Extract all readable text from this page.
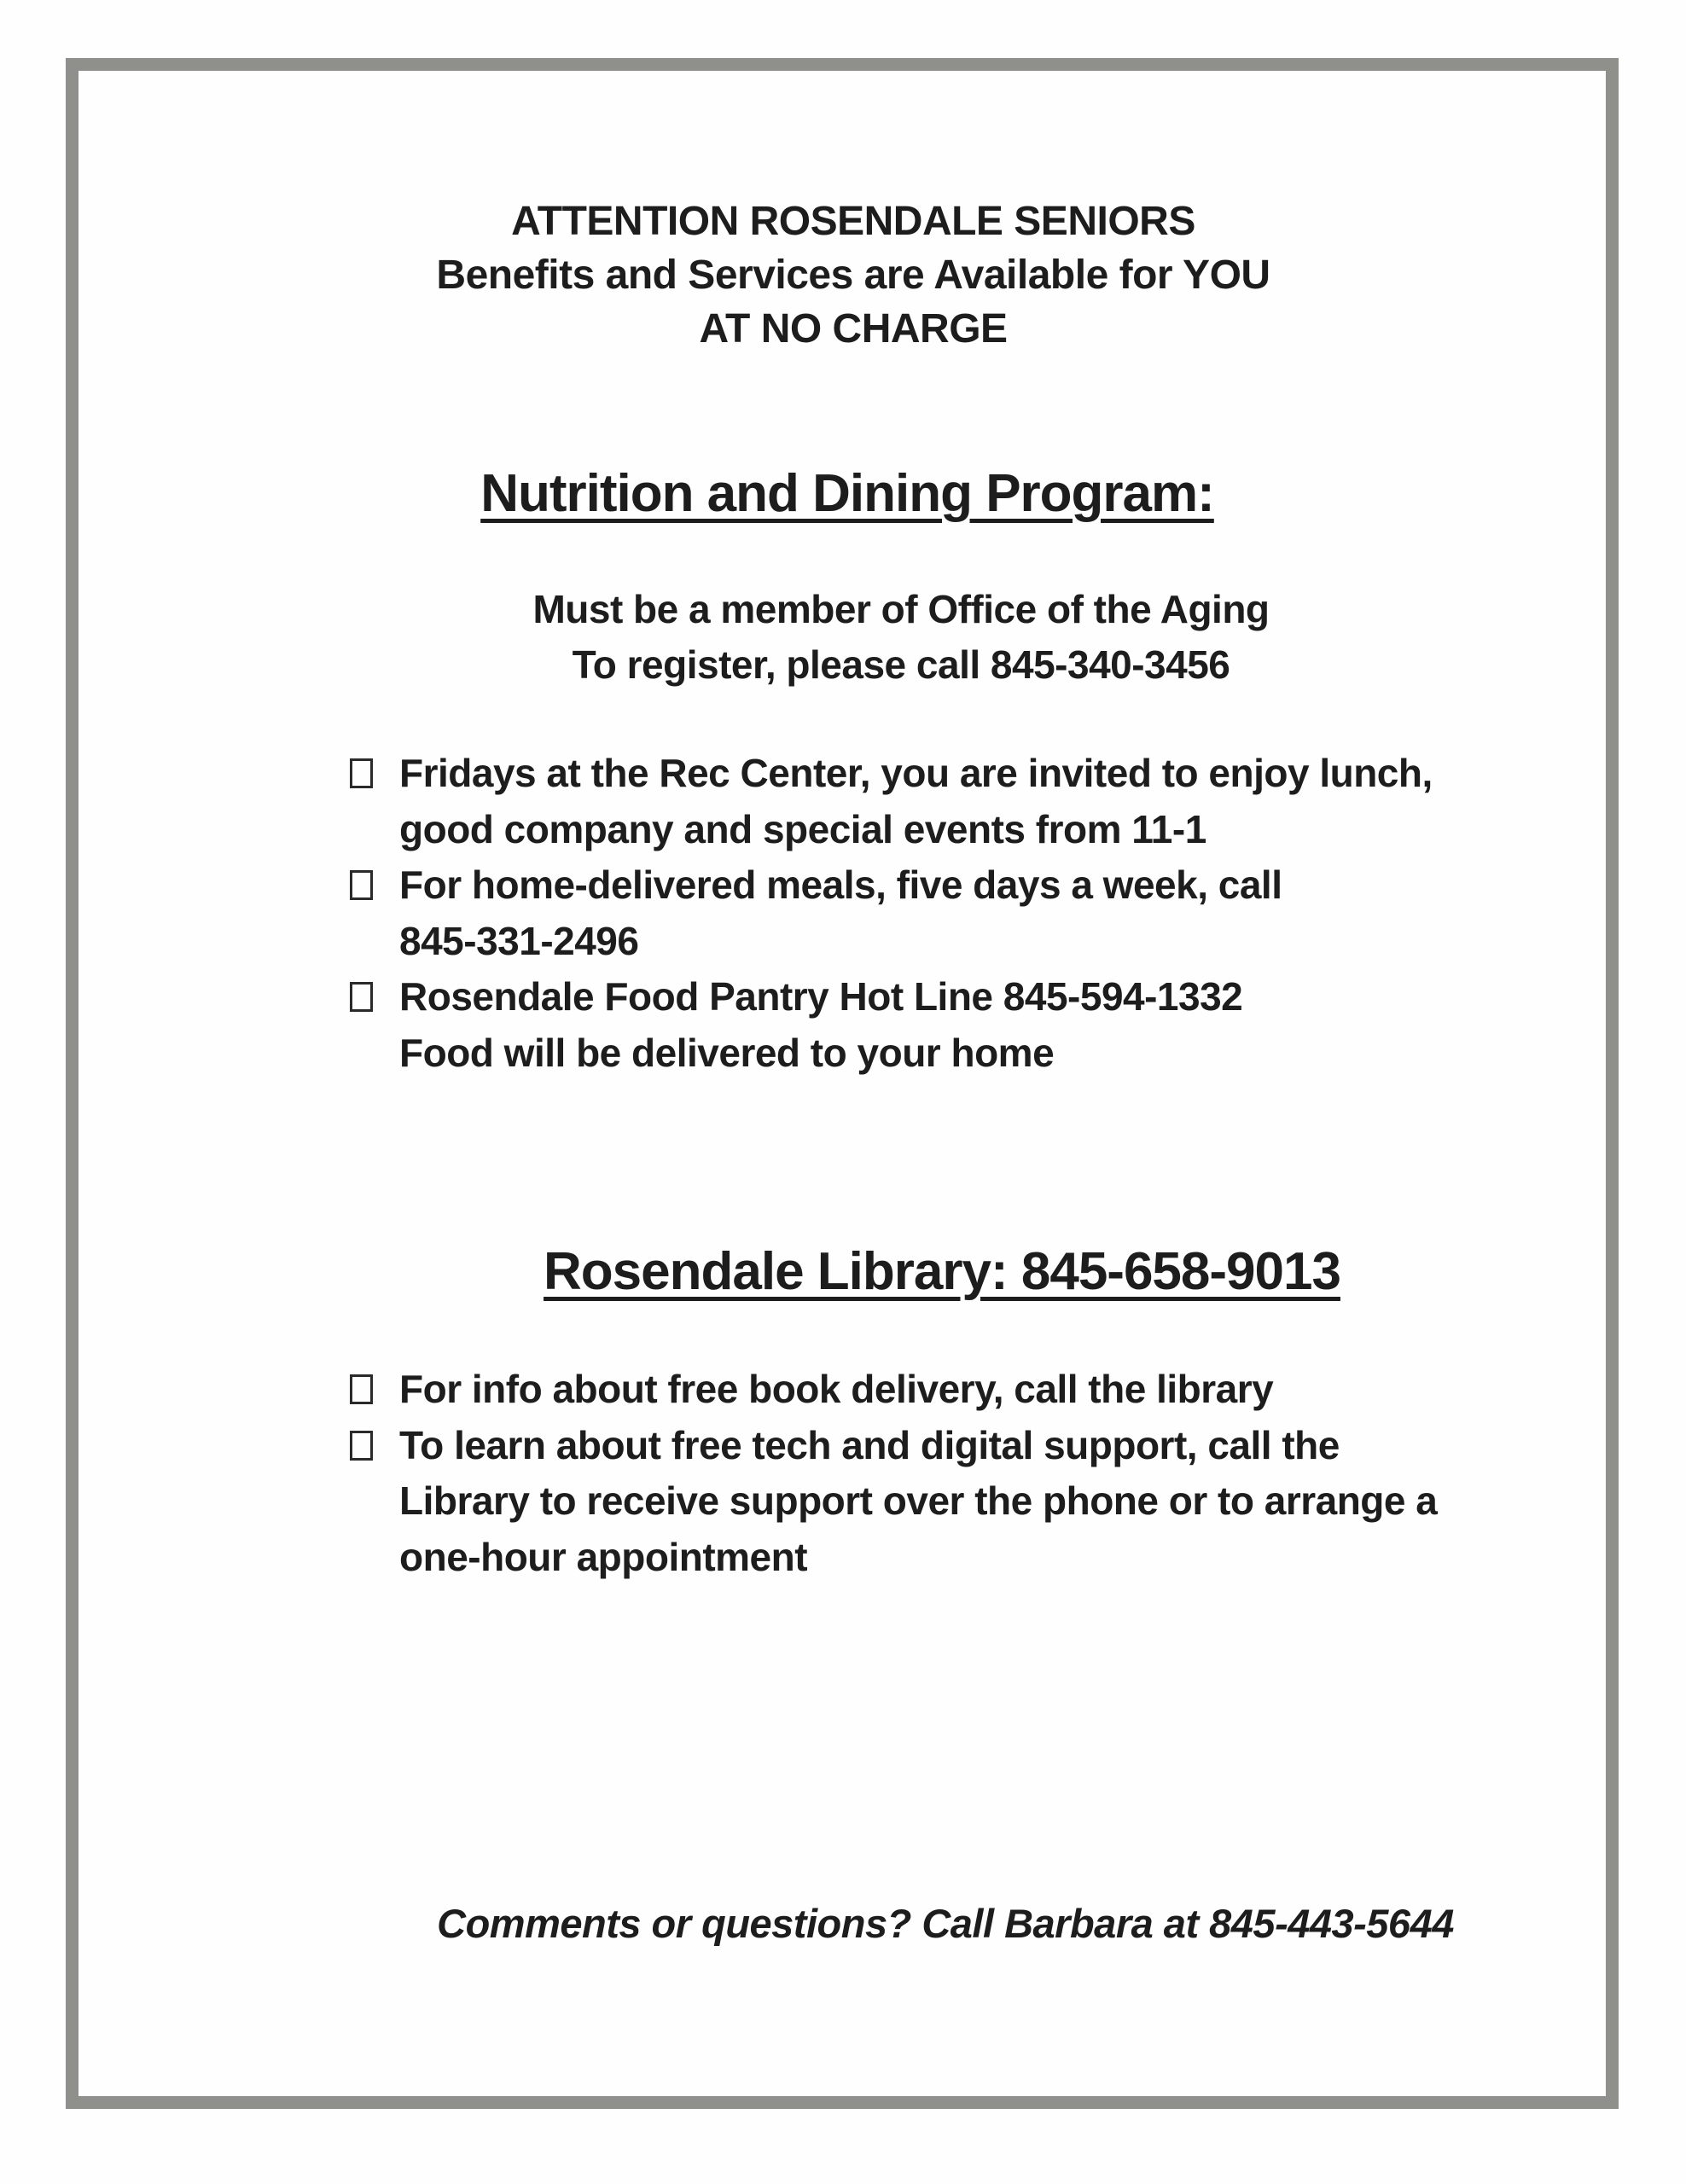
ATTENTION ROSENDALE SENIORS
Benefits and Services are Available for YOU
AT NO CHARGE
Nutrition and Dining Program:
Must be a member of Office of the Aging
To register, please call 845-340-3456
Fridays at the Rec Center, you are invited to enjoy lunch,
good company and special events from 11-1
For home-delivered meals, five days a week, call
845-331-2496
Rosendale Food Pantry Hot Line 845-594-1332
Food will be delivered to your home
Rosendale Library: 845-658-9013
For info about free book delivery, call the library
To learn about free tech and digital support, call the
Library to receive support over the phone or to arrange a
one-hour appointment
Comments or questions? Call Barbara at 845-443-5644
